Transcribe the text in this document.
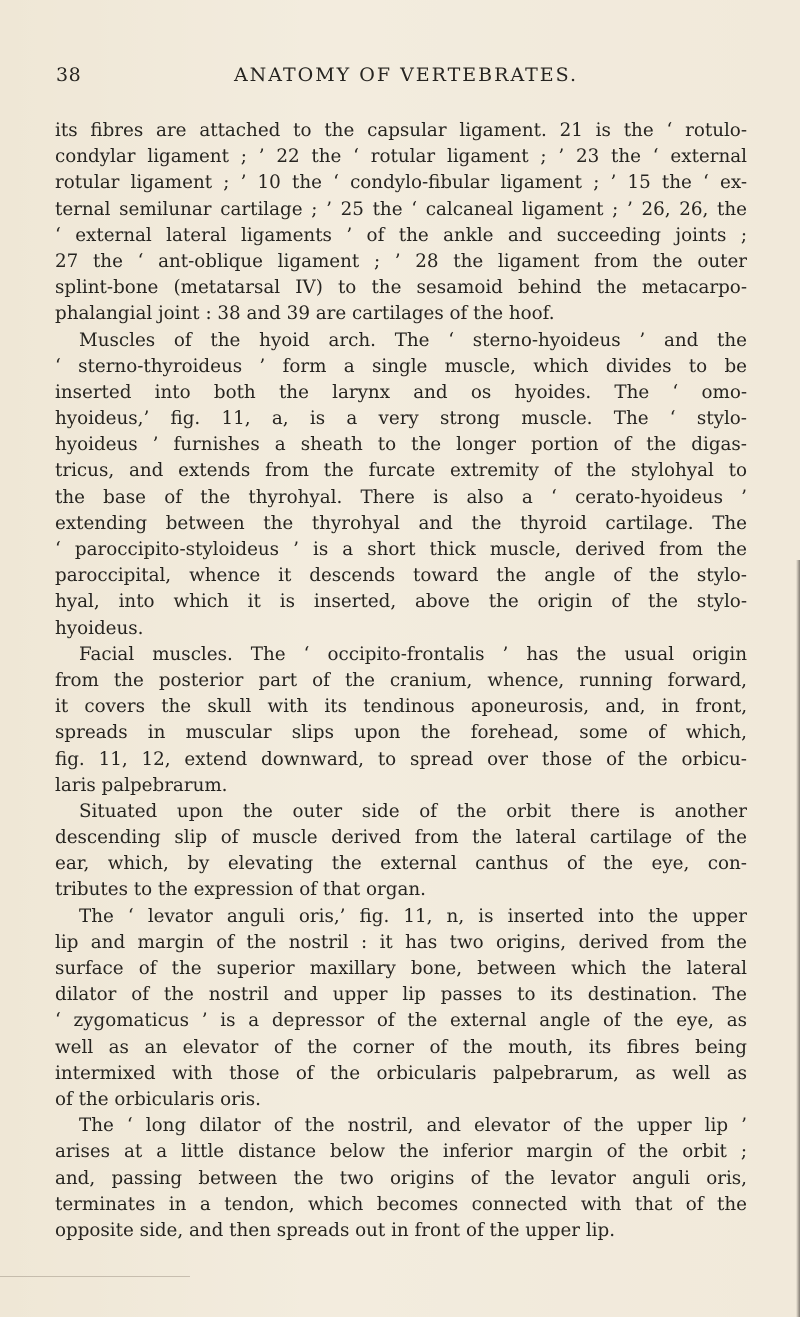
38	ANATOMY OF VERTEBRATES.
its fibres are attached to the capsular ligament. 21 is the ‘ rotulo-
condylar ligament ; ’ 22 the ‘ rotular ligament ; ’ 23 the ‘ external
rotular ligament ; ’ 10 the ‘ condylo-fibular ligament ; ’ 15 the ‘ ex-
ternal semilunar cartilage ; ’ 25 the ‘ calcaneal ligament ; ’ 26, 26, the
‘ external lateral ligaments ’ of the ankle and succeeding joints ;
27 the ‘ ant-oblique ligament ; ’ 28 the ligament from the outer
splint-bone (metatarsal IV) to the sesamoid behind the metacarpo-
phalangial joint : 38 and 39 are cartilages of the hoof.
Muscles of the hyoid arch. The ‘ sterno-hyoideus ’ and the
‘ sterno-thyroideus ’ form a single muscle, which divides to be
inserted into both the larynx and os hyoides. The ‘ omo-
hyoideus,’ fig. 11, a, is a very strong muscle. The ‘ stylo-
hyoideus ’ furnishes a sheath to the longer portion of the digas-
tricus, and extends from the furcate extremity of the stylohyal to
the base of the thyrohyal. There is also a ‘ cerato-hyoideus ’
extending between the thyrohyal and the thyroid cartilage. The
‘ paroccipito-styloideus ’ is a short thick muscle, derived from the
paroccipital, whence it descends toward the angle of the stylo-
hyal, into which it is inserted, above the origin of the stylo-
hyoideus.
Facial muscles. The ‘ occipito-frontalis ’ has the usual origin
from the posterior part of the cranium, whence, running forward,
it covers the skull with its tendinous aponeurosis, and, in front,
spreads in muscular slips upon the forehead, some of which,
fig. 11, 12, extend downward, to spread over those of the orbicu-
laris palpebrarum.
Situated upon the outer side of the orbit there is another
descending slip of muscle derived from the lateral cartilage of the
ear, which, by elevating the external canthus of the eye, con-
tributes to the expression of that organ.
The ‘ levator anguli oris,’ fig. 11, n, is inserted into the upper
lip and margin of the nostril : it has two origins, derived from the
surface of the superior maxillary bone, between which the lateral
dilator of the nostril and upper lip passes to its destination. The
‘ zygomaticus ’ is a depressor of the external angle of the eye, as
well as an elevator of the corner of the mouth, its fibres being
intermixed with those of the orbicularis palpebrarum, as well as
of the orbicularis oris.
The ‘ long dilator of the nostril, and elevator of the upper lip ’
arises at a little distance below the inferior margin of the orbit ;
and, passing between the two origins of the levator anguli oris,
terminates in a tendon, which becomes connected with that of the
opposite side, and then spreads out in front of the upper lip.
